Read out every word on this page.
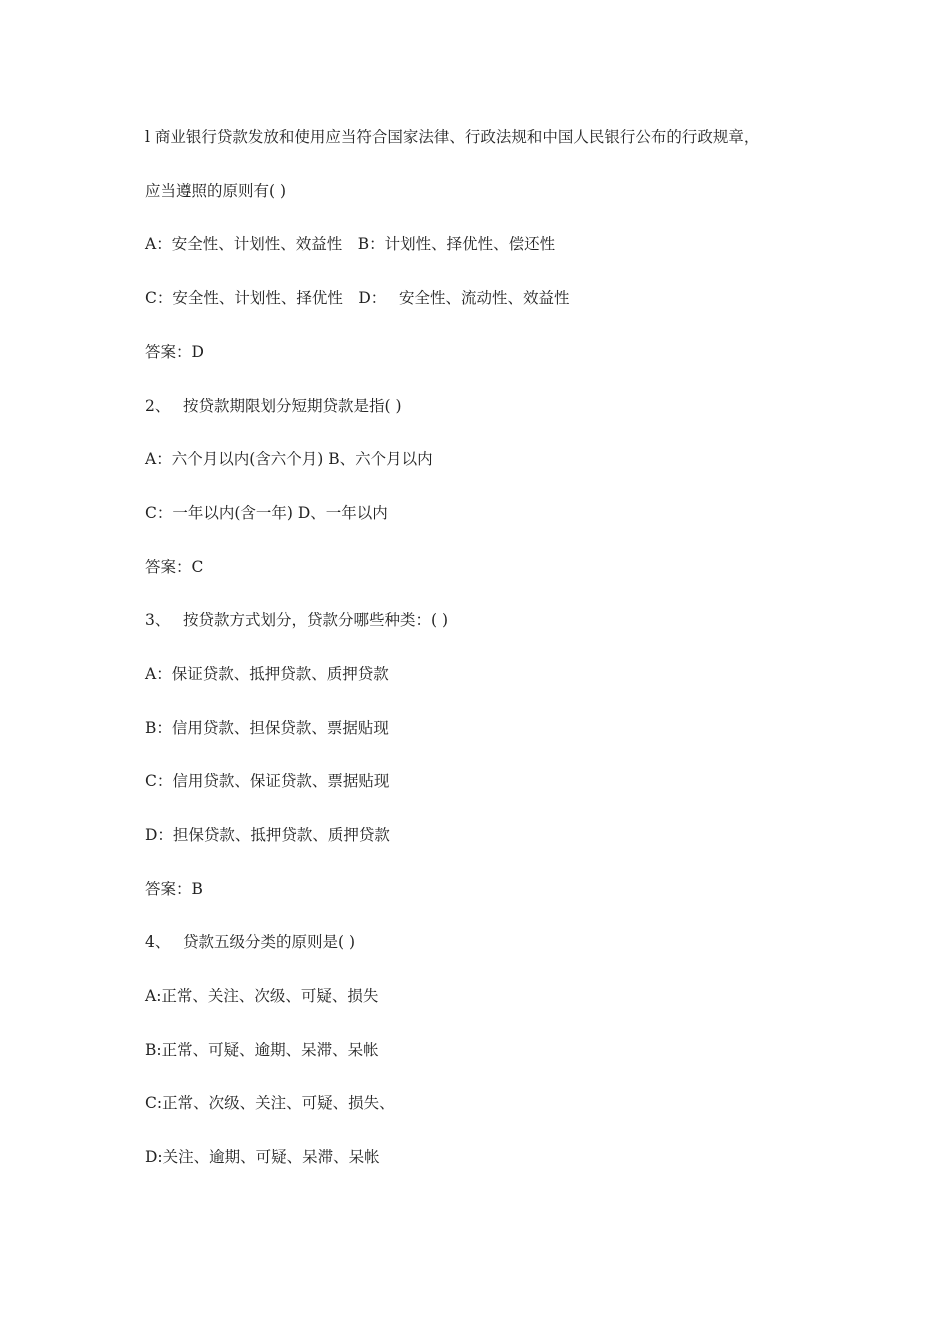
l 商业银行贷款发放和使用应当符合国家法律、行政法规和中国人民银行公布的行政规章，
应当遵照的原则有( )
A：安全性、计划性、效益性　B：计划性、择优性、偿还性
C：安全性、计划性、择优性　D：　 安全性、流动性、效益性
答案：D
2、　 按贷款期限划分短期贷款是指( )
A：六个月以内(含六个月) B、六个月以内
C：一年以内(含一年) D、一年以内
答案：C
3、　 按贷款方式划分，贷款分哪些种类：( )
A：保证贷款、抵押贷款、质押贷款
B：信用贷款、担保贷款、票据贴现
C：信用贷款、保证贷款、票据贴现
D：担保贷款、抵押贷款、质押贷款
答案：B
4、　 贷款五级分类的原则是( )
A:正常、关注、次级、可疑、损失
B:正常、可疑、逾期、呆滞、呆帐
C:正常、次级、关注、可疑、损失、
D:关注、逾期、可疑、呆滞、呆帐
